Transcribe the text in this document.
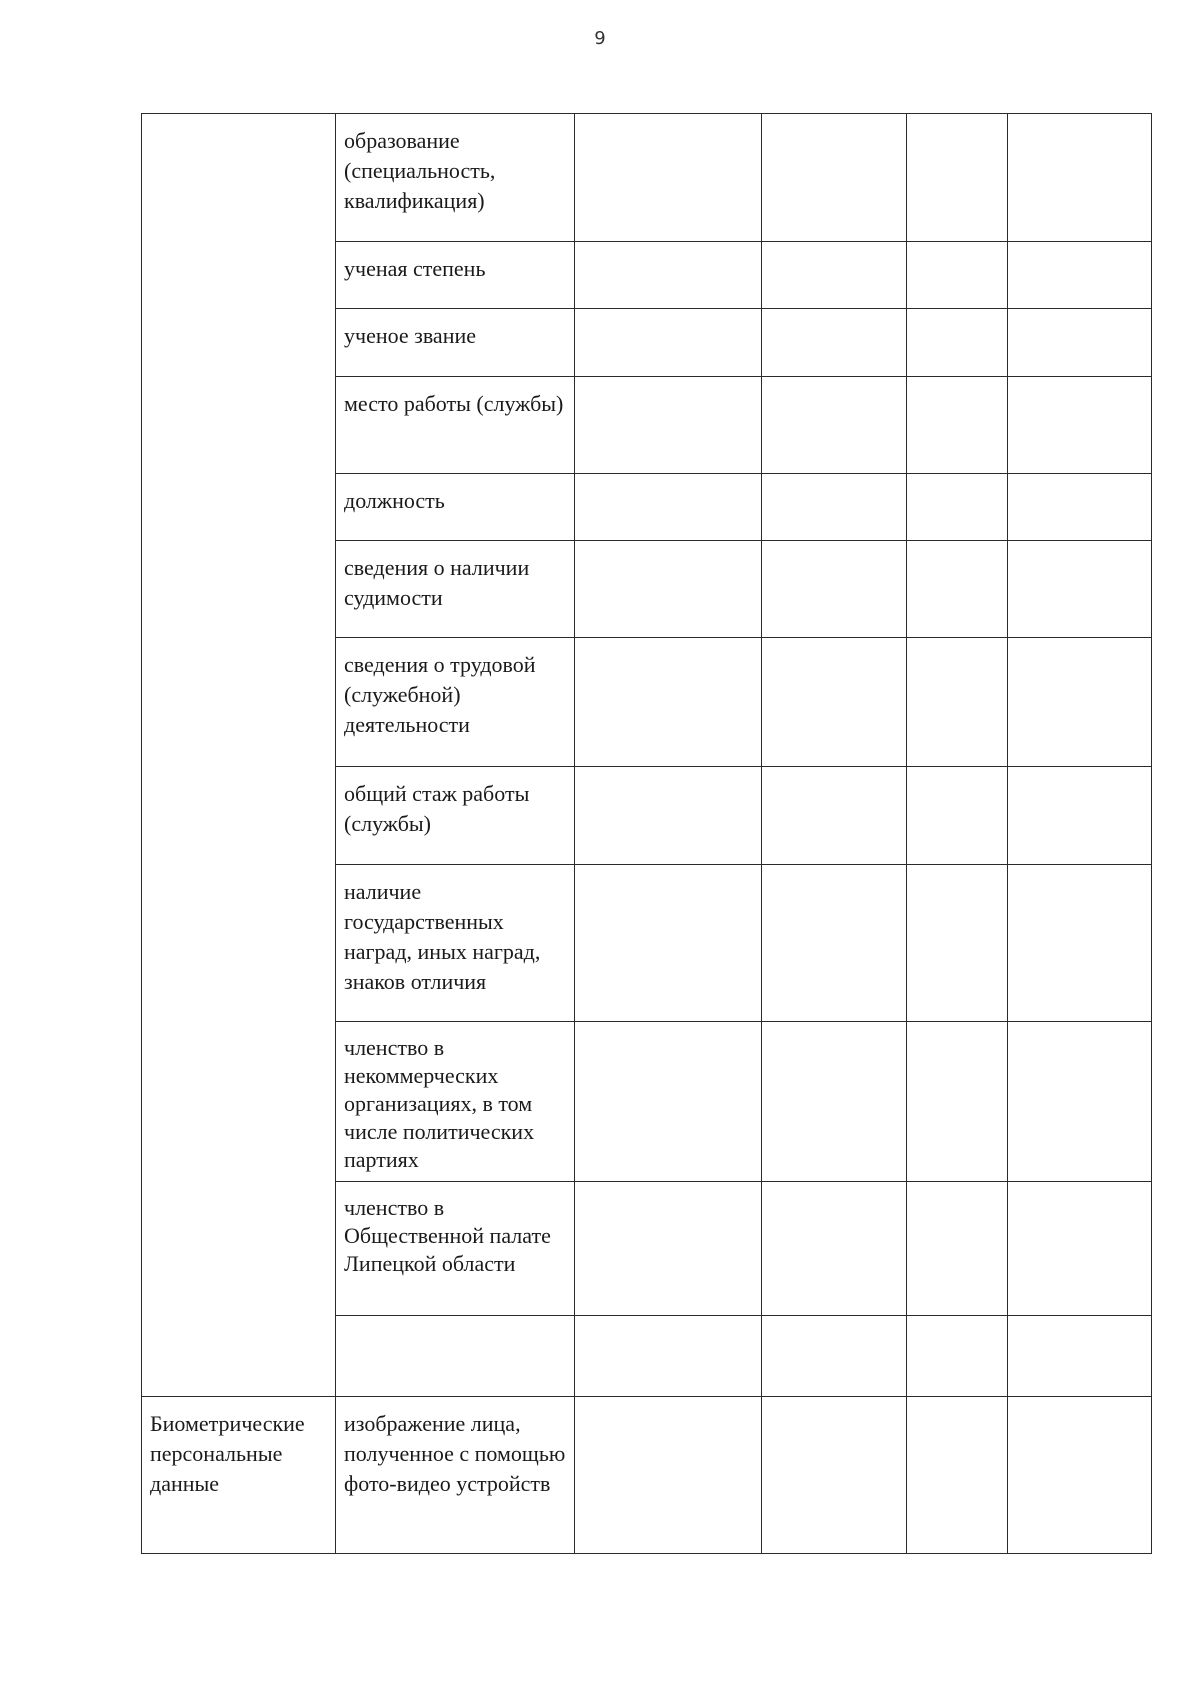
9

	образование (специальность, квалификация)				

	ученая степень				

	ученое звание				

	место работы (службы)				

	должность				

	сведения о наличии судимости				

	сведения о трудовой (служебной) деятельности				

	общий стаж работы (службы)				

	наличие государственных наград, иных наград, знаков отличия				

	членство в некоммерческих организациях, в том числе политических партиях				

	членство в Общественной палате Липецкой области				

Биометрические персональные данные	изображение лица, полученное с помощью фото-видео устройств				
